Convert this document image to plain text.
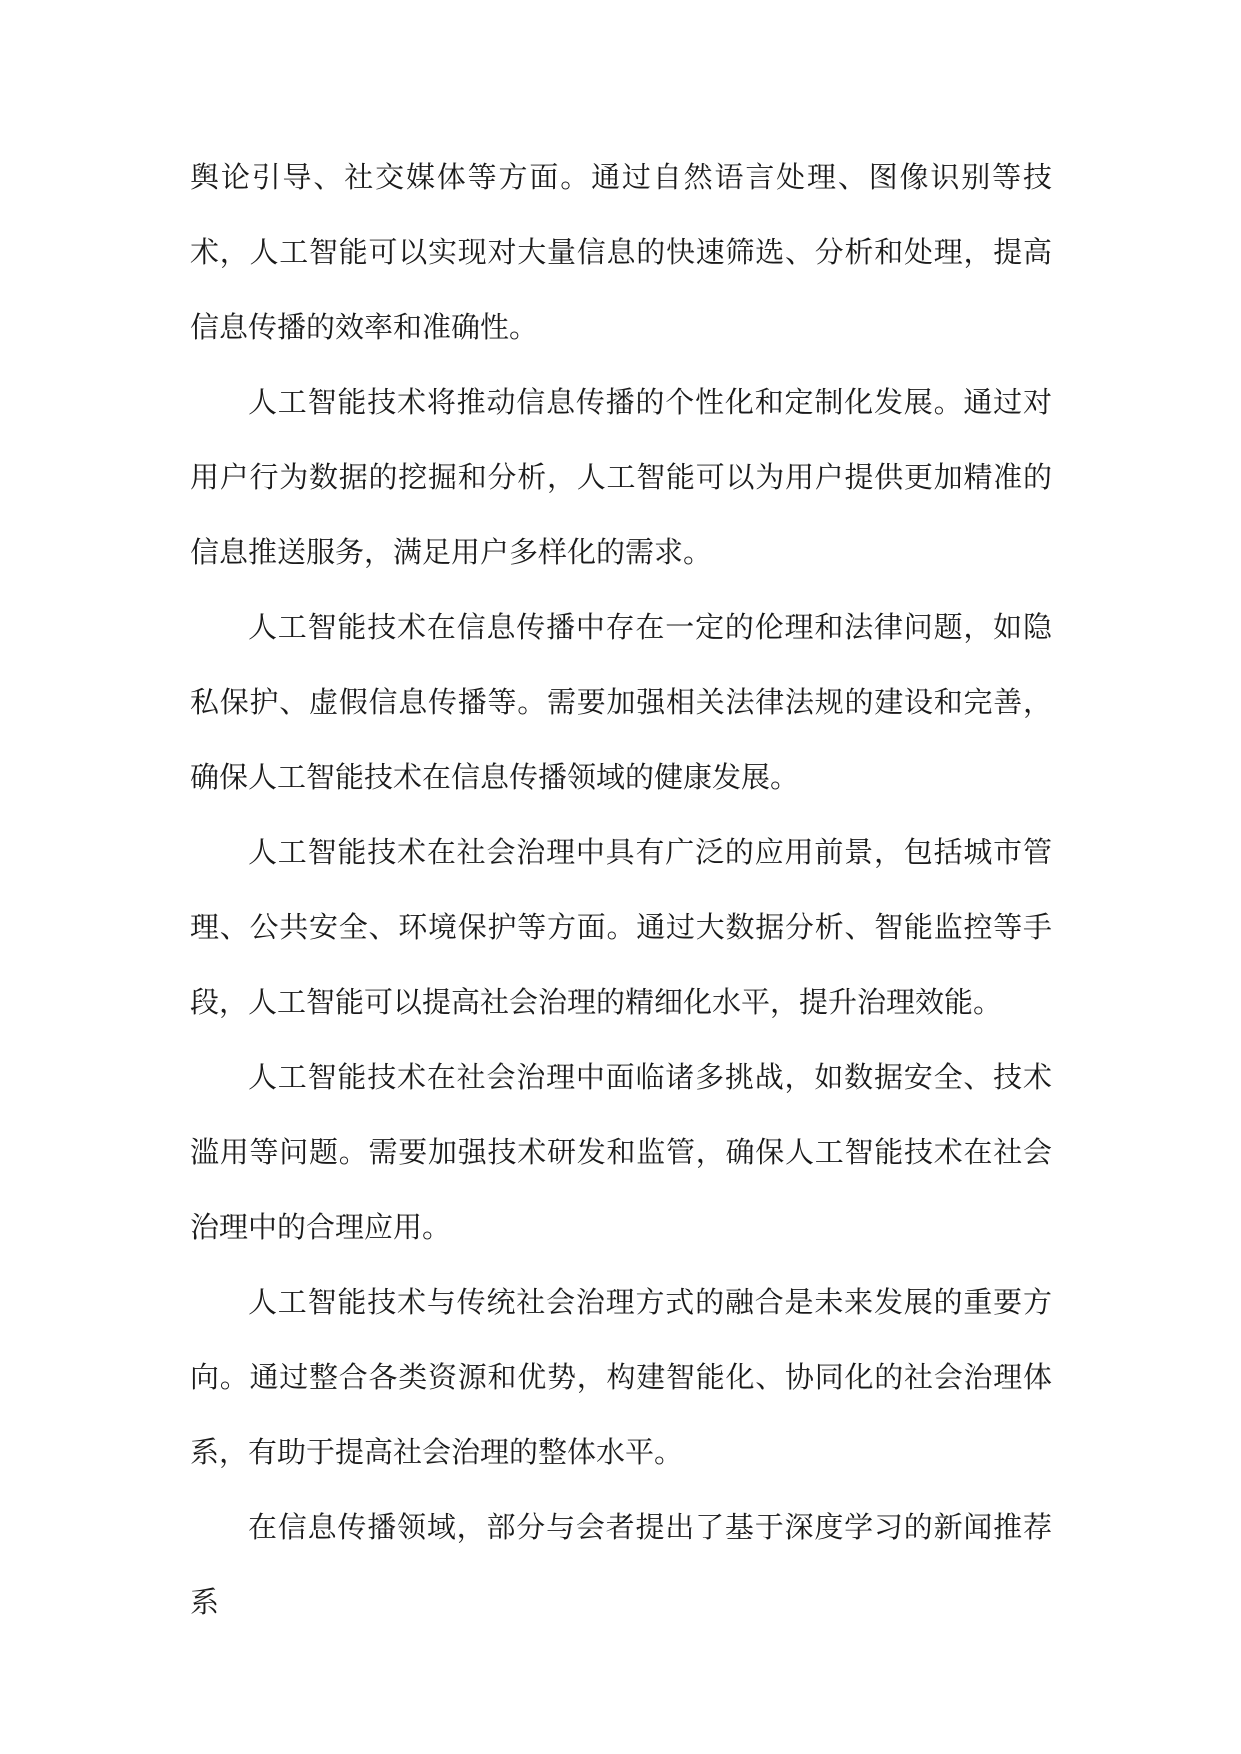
舆论引导、社交媒体等方面。通过自然语言处理、图像识别等技术，人工智能可以实现对大量信息的快速筛选、分析和处理，提高信息传播的效率和准确性。

人工智能技术将推动信息传播的个性化和定制化发展。通过对用户行为数据的挖掘和分析，人工智能可以为用户提供更加精准的信息推送服务，满足用户多样化的需求。

人工智能技术在信息传播中存在一定的伦理和法律问题，如隐私保护、虚假信息传播等。需要加强相关法律法规的建设和完善，确保人工智能技术在信息传播领域的健康发展。

人工智能技术在社会治理中具有广泛的应用前景，包括城市管理、公共安全、环境保护等方面。通过大数据分析、智能监控等手段，人工智能可以提高社会治理的精细化水平，提升治理效能。

人工智能技术在社会治理中面临诸多挑战，如数据安全、技术滥用等问题。需要加强技术研发和监管，确保人工智能技术在社会治理中的合理应用。

人工智能技术与传统社会治理方式的融合是未来发展的重要方向。通过整合各类资源和优势，构建智能化、协同化的社会治理体系，有助于提高社会治理的整体水平。

在信息传播领域，部分与会者提出了基于深度学习的新闻推荐系
